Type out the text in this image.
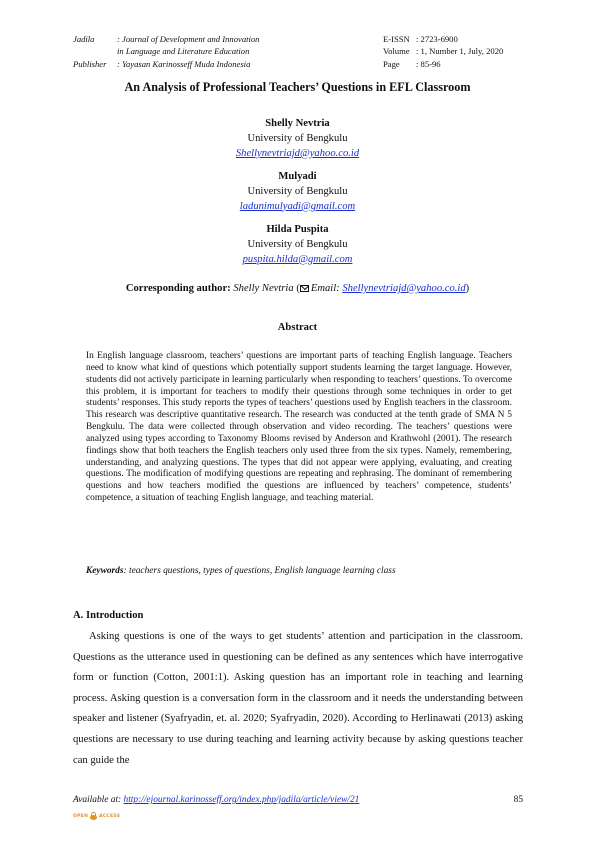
Jadila	: Journal of Development and Innovation
in Language and Literature Education
Publisher	: Yayasan Karinosseff Muda Indonesia
E-ISSN : 2723-6900
Volume : 1, Number 1, July, 2020
Page	: 85-96
An Analysis of Professional Teachers’ Questions in EFL Classroom
Shelly Nevtria
University of Bengkulu
Shellynevtriajd@yahoo.co.id
Mulyadi
University of Bengkulu
ladunimulyadi@gmail.com
Hilda Puspita
University of Bengkulu
puspita.hilda@gmail.com
Corresponding author: Shelly Nevtria ( Email: Shellynevtriajd@yahoo.co.id)
Abstract
In English language classroom, teachers’ questions are important parts of teaching English language. Teachers need to know what kind of questions which potentially support students learning the target language. However, students did not actively participate in learning particularly when responding to teachers’ questions. To overcome this problem, it is important for teachers to modify their questions through some techniques in order to get students’ responses. This study reports the types of teachers’ questions used by English teachers in the classroom. This research was descriptive quantitative research. The research was conducted at the tenth grade of SMA N 5 Bengkulu. The data were collected through observation and video recording. The teachers’ questions were analyzed using types according to Taxonomy Blooms revised by Anderson and Krathwohl (2001). The research findings show that both teachers the English teachers only used three from the six types. Namely, remembering, understanding, and analyzing questions. The types that did not appear were applying, evaluating, and creating questions. The modification of modifying questions are repeating and rephrasing. The dominant of remembering questions and how teachers modified the questions are influenced by teachers’ competence, students’ competence, a situation of teaching English language, and teaching material.
Keywords: teachers questions, types of questions, English language learning class
A. Introduction
Asking questions is one of the ways to get students’ attention and participation in the classroom. Questions as the utterance used in questioning can be defined as any sentences which have interrogative form or function (Cotton, 2001:1). Asking question has an important role in teaching and learning process. Asking question is a conversation form in the classroom and it needs the understanding between speaker and listener (Syafryadin, et. al. 2020; Syafryadin, 2020). According to Herlinawati (2013) asking questions are necessary to use during teaching and learning activity because by asking questions teacher can guide the
Available at: http://ejournal.karinosseff.org/index.php/jadila/article/view/21	85
OPEN ACCESS
